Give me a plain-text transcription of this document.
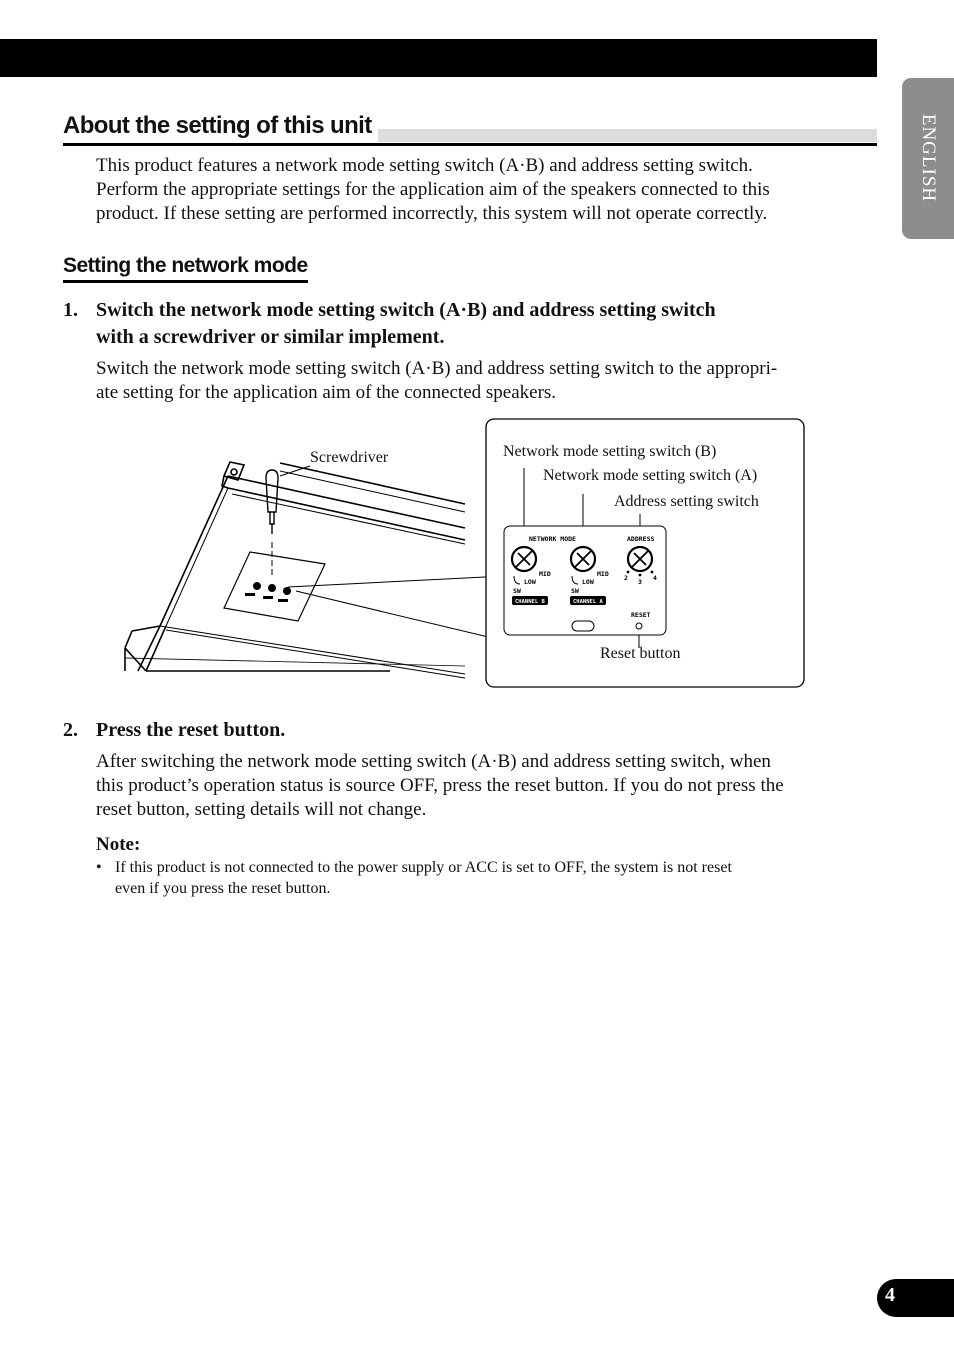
ENGLISH
About the setting of this unit

This product features a network mode setting switch (A·B) and address setting switch.

Perform the appropriate settings for the application aim of the speakers connected to this

product. If these setting are performed incorrectly, this system will not operate correctly.

Setting the network mode

1. Switch the network mode setting switch (A·B) and address setting switch

with a screwdriver or similar implement.

Switch the network mode setting switch (A·B) and address setting switch to the appropri-

ate setting for the application aim of the connected speakers.

NETWORK MODE	ADDRESS
MID
LOW
MID
LOW
SW	SW
RESET
2 3 4
CHANNEL B	CHANNEL A

Screwdriver	Network mode setting switch (B)

Network mode setting switch (A)

Address setting switch

Reset button

2. Press the reset button.

After switching the network mode setting switch (A·B) and address setting switch, when

this product’s operation status is source OFF, press the reset button. If you do not press the

reset button, setting details will not change.

Note:

• If this product is not connected to the power supply or ACC is set to OFF, the system is not reset
even if you press the reset button.
4
